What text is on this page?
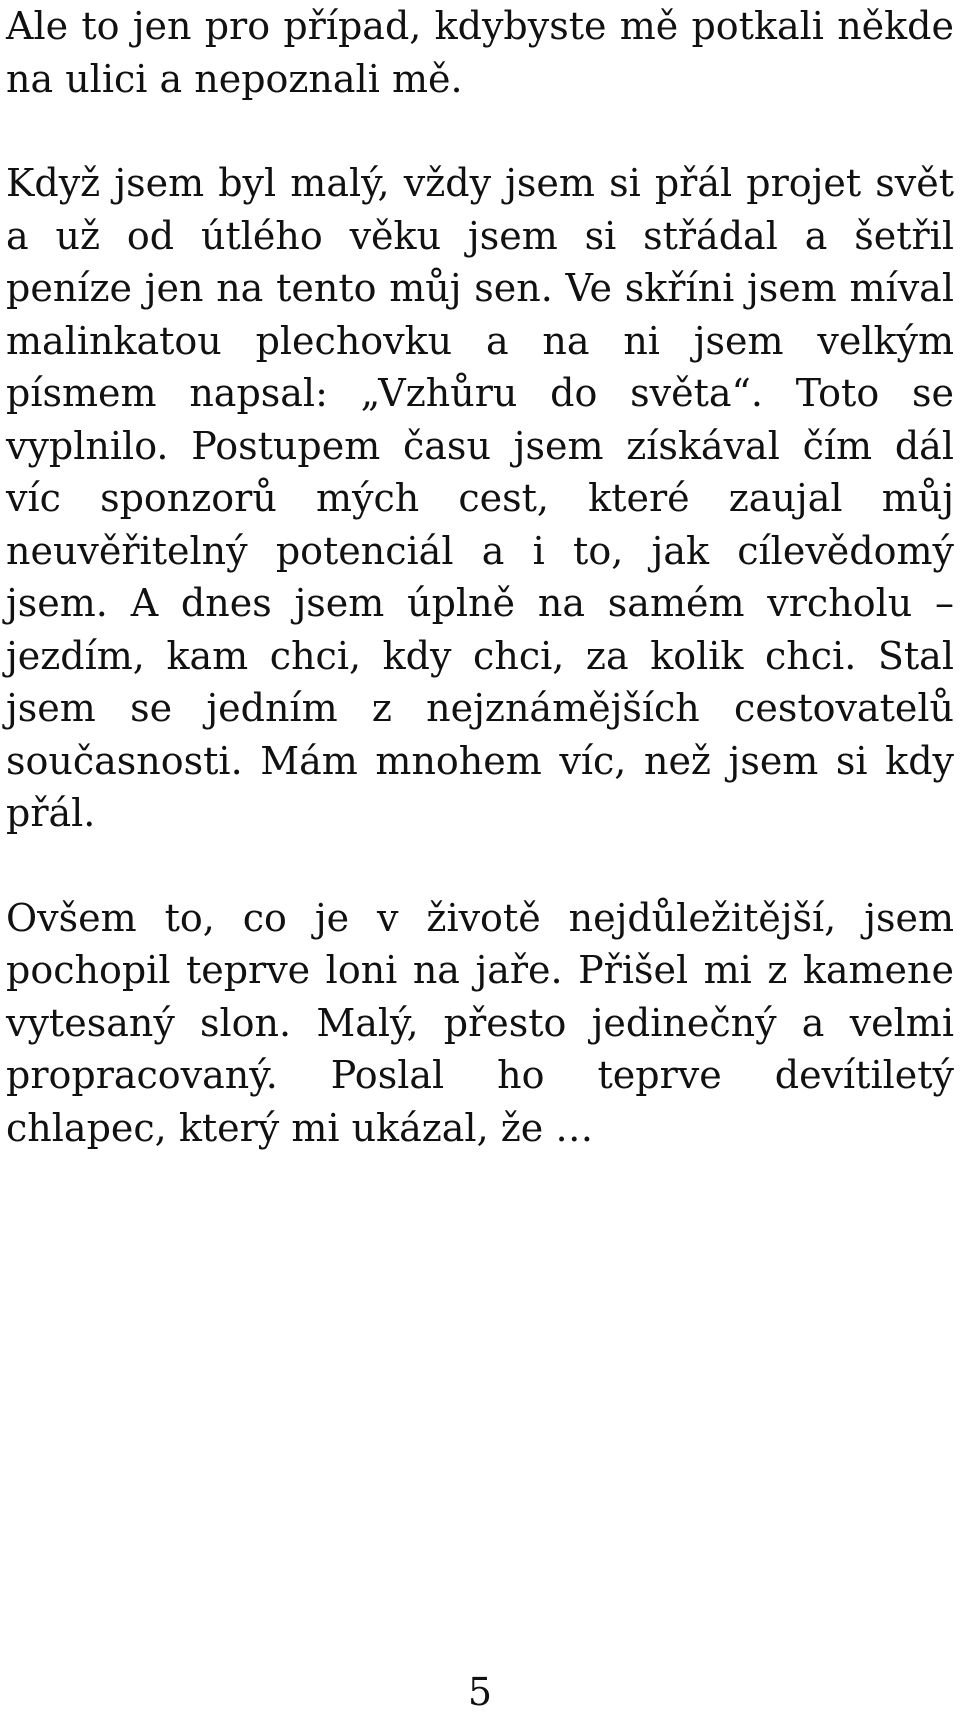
Ale to jen pro případ, kdybyste mě potkali někde na ulici a nepoznali mě.

Když jsem byl malý, vždy jsem si přál projet svět a už od útlého věku jsem si střádal a šetřil peníze jen na tento můj sen. Ve skříni jsem míval malinkatou plechovku a na ni jsem velkým písmem napsal: „Vzhůru do světa“. Toto se vyplnilo. Postupem času jsem získával čím dál víc sponzorů mých cest, které zaujal můj neuvěřitelný potenciál a i to, jak cílevědomý jsem. A dnes jsem úplně na samém vrcholu – jezdím, kam chci, kdy chci, za kolik chci. Stal jsem se jedním z nejznámějších cestovatelů současnosti. Mám mnohem víc, než jsem si kdy přál.

Ovšem to, co je v životě nejdůležitější, jsem pochopil teprve loni na jaře. Přišel mi z kamene vytesaný slon. Malý, přesto jedinečný a velmi propracovaný. Poslal ho teprve devítiletý chlapec, který mi ukázal, že …

5
